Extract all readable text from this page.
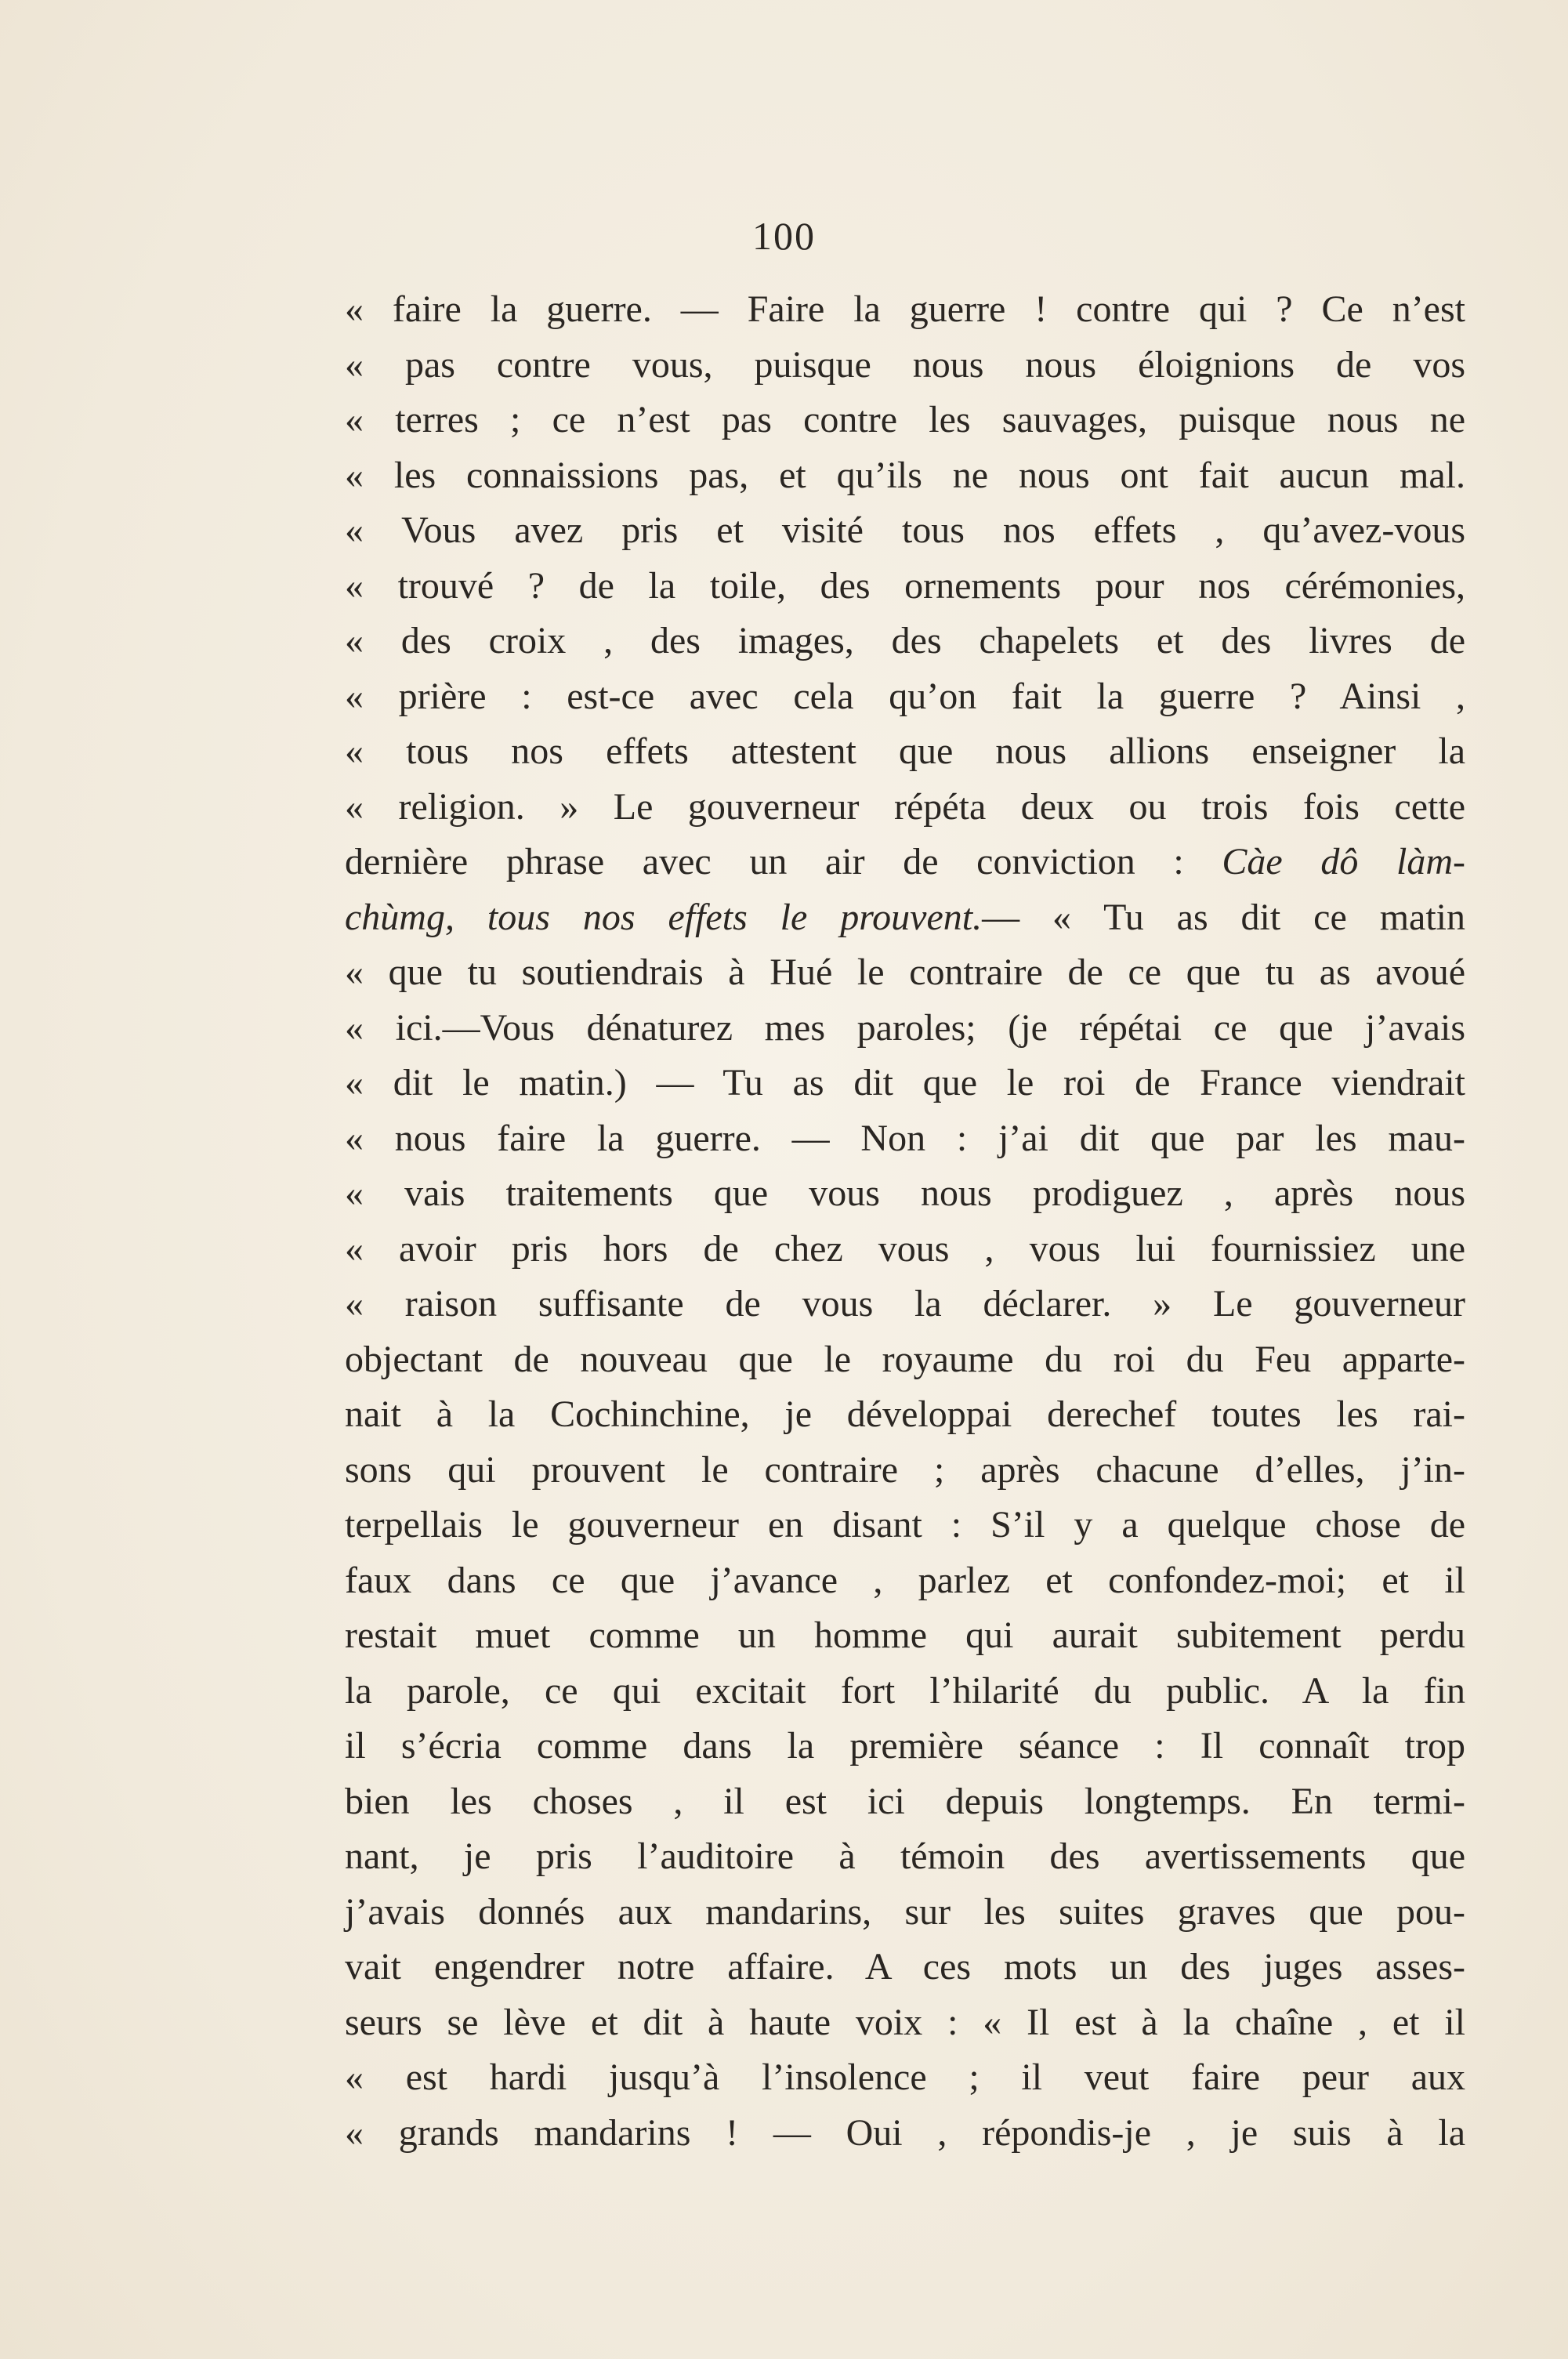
100
« faire la guerre. — Faire la guerre ! contre qui ? Ce n’est
« pas contre vous, puisque nous nous éloignions de vos
« terres ; ce n’est pas contre les sauvages, puisque nous ne
« les connaissions pas, et qu’ils ne nous ont fait aucun mal.
« Vous avez pris et visité tous nos effets , qu’avez-vous
« trouvé ? de la toile, des ornements pour nos cérémonies,
« des croix , des images, des chapelets et des livres de
« prière : est-ce avec cela qu’on fait la guerre ? Ainsi ,
« tous nos effets attestent que nous allions enseigner la
« religion. » Le gouverneur répéta deux ou trois fois cette
dernière phrase avec un air de conviction : Càe dô làm-
chùmg, tous nos effets le prouvent.— « Tu as dit ce matin
« que tu soutiendrais à Hué le contraire de ce que tu as avoué
« ici.—Vous dénaturez mes paroles; (je répétai ce que j’avais
« dit le matin.) — Tu as dit que le roi de France viendrait
« nous faire la guerre. — Non : j’ai dit que par les mau-
« vais traitements que vous nous prodiguez , après nous
« avoir pris hors de chez vous , vous lui fournissiez une
« raison suffisante de vous la déclarer. » Le gouverneur
objectant de nouveau que le royaume du roi du Feu apparte-
nait à la Cochinchine, je développai derechef toutes les rai-
sons qui prouvent le contraire ; après chacune d’elles, j’in-
terpellais le gouverneur en disant : S’il y a quelque chose de
faux dans ce que j’avance , parlez et confondez-moi; et il
restait muet comme un homme qui aurait subitement perdu
la parole, ce qui excitait fort l’hilarité du public. A la fin
il s’écria comme dans la première séance : Il connaît trop
bien les choses , il est ici depuis longtemps. En termi-
nant, je pris l’auditoire à témoin des avertissements que
j’avais donnés aux mandarins, sur les suites graves que pou-
vait engendrer notre affaire. A ces mots un des juges asses-
seurs se lève et dit à haute voix : « Il est à la chaîne , et il
« est hardi jusqu’à l’insolence ; il veut faire peur aux
« grands mandarins ! — Oui , répondis-je , je suis à la
